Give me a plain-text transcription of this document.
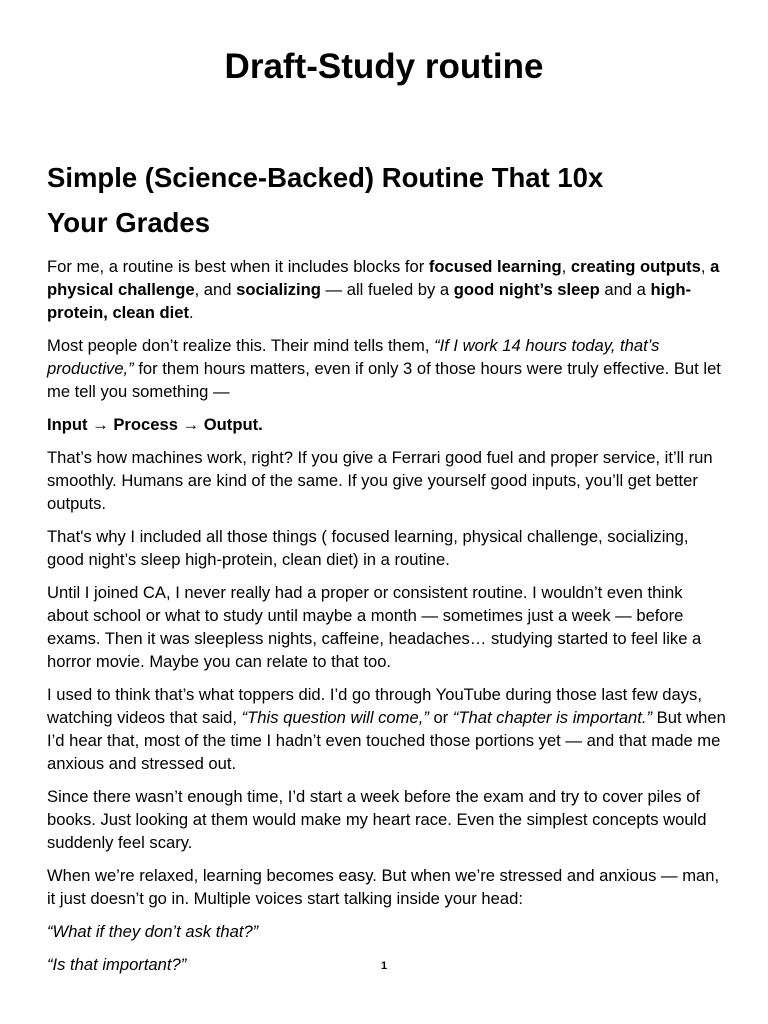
Draft-Study routine
Simple (Science-Backed) Routine That 10x
Your Grades

For me, a routine is best when it includes blocks for focused learning, creating outputs, a physical challenge, and socializing — all fueled by a good night’s sleep and a high-protein, clean diet.

Most people don’t realize this. Their mind tells them, “If I work 14 hours today, that’s productive,” for them hours matters, even if only 3 of those hours were truly effective. But let me tell you something —

Input → Process → Output.

That’s how machines work, right? If you give a Ferrari good fuel and proper service, it’ll run smoothly. Humans are kind of the same. If you give yourself good inputs, you’ll get better outputs.

That's why I included all those things ( focused learning, physical challenge, socializing, good night’s sleep high-protein, clean diet) in a routine.

Until I joined CA, I never really had a proper or consistent routine. I wouldn’t even think about school or what to study until maybe a month — sometimes just a week — before exams. Then it was sleepless nights, caffeine, headaches… studying started to feel like a horror movie. Maybe you can relate to that too.

I used to think that’s what toppers did. I’d go through YouTube during those last few days, watching videos that said, “This question will come,” or “That chapter is important.” But when I’d hear that, most of the time I hadn’t even touched those portions yet — and that made me anxious and stressed out.

Since there wasn’t enough time, I’d start a week before the exam and try to cover piles of books. Just looking at them would make my heart race. Even the simplest concepts would suddenly feel scary.

When we’re relaxed, learning becomes easy. But when we’re stressed and anxious — man, it just doesn’t go in. Multiple voices start talking inside your head:

“What if they don’t ask that?”

“Is that important?”	1
